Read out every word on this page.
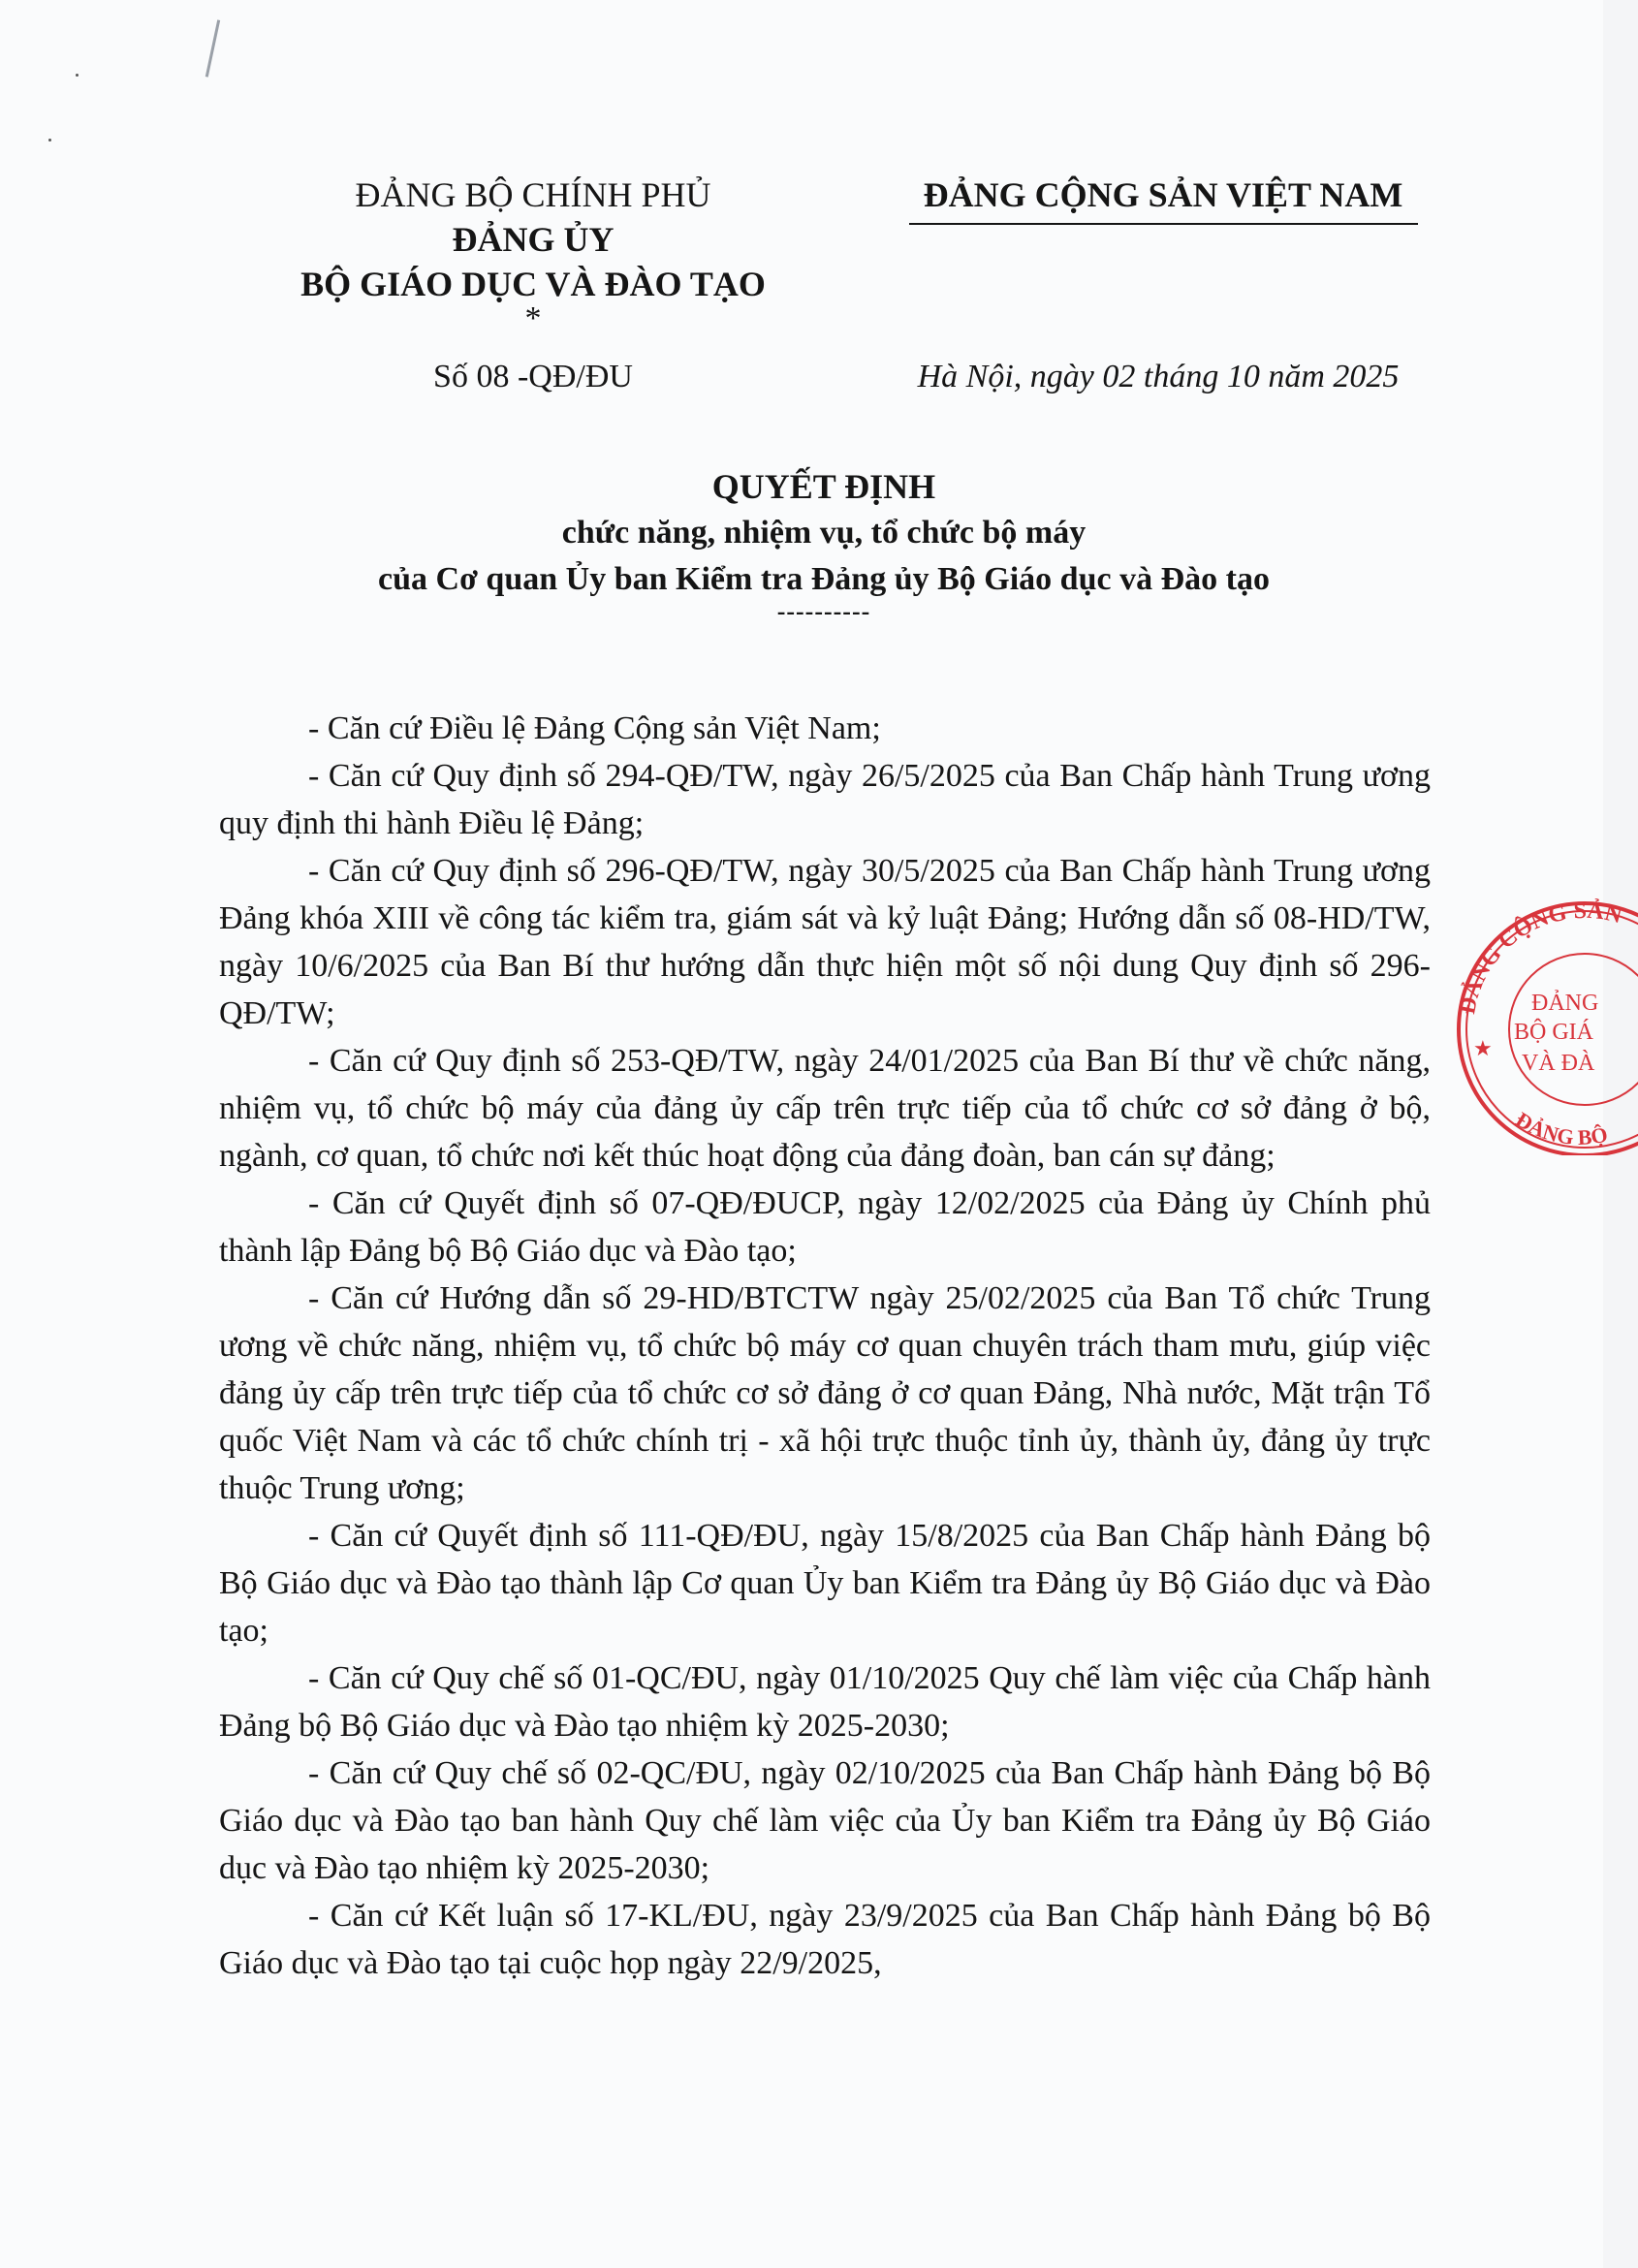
ĐẢNG BỘ CHÍNH PHỦ
ĐẢNG ỦY
BỘ GIÁO DỤC VÀ ĐÀO TẠO
*
ĐẢNG CỘNG SẢN VIỆT NAM
Số 08 -QĐ/ĐU	Hà Nội, ngày 02 tháng 10 năm 2025
QUYẾT ĐỊNH
chức năng, nhiệm vụ, tổ chức bộ máy
của Cơ quan Ủy ban Kiểm tra Đảng ủy Bộ Giáo dục và Đào tạo
----------

- Căn cứ Điều lệ Đảng Cộng sản Việt Nam;

- Căn cứ Quy định số 294-QĐ/TW, ngày 26/5/2025 của Ban Chấp hành Trung ương quy định thi hành Điều lệ Đảng;

- Căn cứ Quy định số 296-QĐ/TW, ngày 30/5/2025 của Ban Chấp hành Trung ương Đảng khóa XIII về công tác kiểm tra, giám sát và kỷ luật Đảng; Hướng dẫn số 08-HD/TW, ngày 10/6/2025 của Ban Bí thư hướng dẫn thực hiện một số nội dung Quy định số 296-QĐ/TW;

- Căn cứ Quy định số 253-QĐ/TW, ngày 24/01/2025 của Ban Bí thư về chức năng, nhiệm vụ, tổ chức bộ máy của đảng ủy cấp trên trực tiếp của tổ chức cơ sở đảng ở bộ, ngành, cơ quan, tổ chức nơi kết thúc hoạt động của đảng đoàn, ban cán sự đảng;

- Căn cứ Quyết định số 07-QĐ/ĐUCP, ngày 12/02/2025 của Đảng ủy Chính phủ thành lập Đảng bộ Bộ Giáo dục và Đào tạo;

- Căn cứ Hướng dẫn số 29-HD/BTCTW ngày 25/02/2025 của Ban Tổ chức Trung ương về chức năng, nhiệm vụ, tổ chức bộ máy cơ quan chuyên trách tham mưu, giúp việc đảng ủy cấp trên trực tiếp của tổ chức cơ sở đảng ở cơ quan Đảng, Nhà nước, Mặt trận Tổ quốc Việt Nam và các tổ chức chính trị - xã hội trực thuộc tỉnh ủy, thành ủy, đảng ủy trực thuộc Trung ương;

- Căn cứ Quyết định số 111-QĐ/ĐU, ngày 15/8/2025 của Ban Chấp hành Đảng bộ Bộ Giáo dục và Đào tạo thành lập Cơ quan Ủy ban Kiểm tra Đảng ủy Bộ Giáo dục và Đào tạo;

- Căn cứ Quy chế số 01-QC/ĐU, ngày 01/10/2025 Quy chế làm việc của Chấp hành Đảng bộ Bộ Giáo dục và Đào tạo nhiệm kỳ 2025-2030;

- Căn cứ Quy chế số 02-QC/ĐU, ngày 02/10/2025 của Ban Chấp hành Đảng bộ Bộ Giáo dục và Đào tạo ban hành Quy chế làm việc của Ủy ban Kiểm tra Đảng ủy Bộ Giáo dục và Đào tạo nhiệm kỳ 2025-2030;

- Căn cứ Kết luận số 17-KL/ĐU, ngày 23/9/2025 của Ban Chấp hành Đảng bộ Bộ Giáo dục và Đào tạo tại cuộc họp ngày 22/9/2025,

ĐẢNG CỘNG SẢN
ĐẢNG BỘ
★
ĐẢNG
BỘ GIÁ
VÀ ĐÀ
